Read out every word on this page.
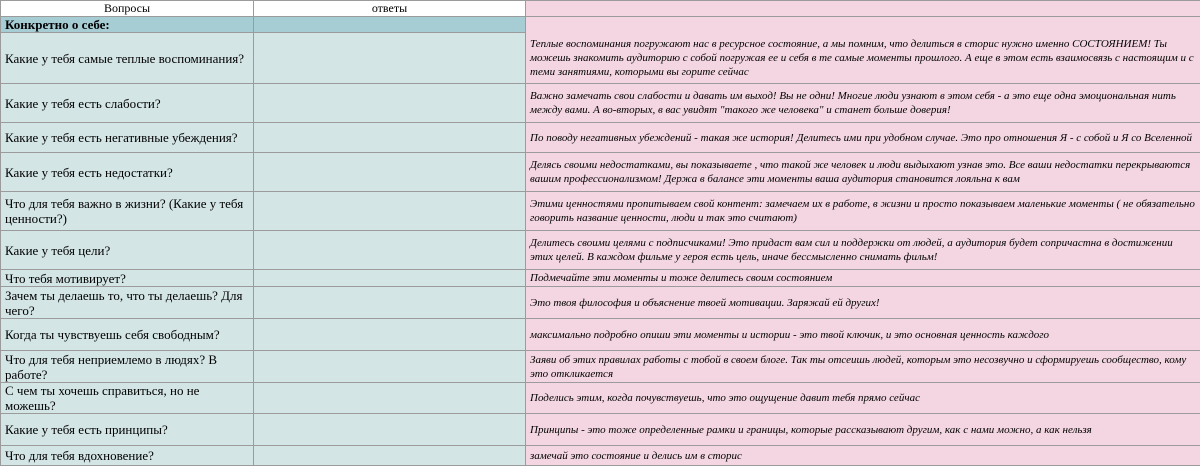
Вопросы	ответы	
Конкретно о себе:		
Какие у тебя самые теплые воспоминания?		Теплые воспоминания погружают нас в ресурсное состояние, а мы помним, что делиться в сторис нужно именно СОСТОЯНИЕМ! Ты можешь знакомить аудиторию с собой погружая ее и себя в те самые моменты прошлого. А еще в этом есть взаимосвязь с настоящим и с теми занятиями, которыми вы горите сейчас
Какие у тебя есть слабости?		Важно замечать свои слабости и давать им выход! Вы не одни! Многие люди узнают в этом себя - а это еще одна эмоциональная нить между вами. А во-вторых, в вас увидят "такого же человека" и станет больше доверия!
Какие у тебя есть негативные убеждения?		По поводу негативных убеждений - такая же история! Делитесь ими при удобном случае. Это про отношения Я - с собой и Я со Вселенной
Какие у тебя есть недостатки?		Делясь своими недостатками, вы показываете , что такой же человек и люди выдыхают узнав это. Все ваши недостатки перекрываются вашим профессионализмом! Держа в балансе эти моменты ваша аудитория становится лояльна к вам
Что для тебя важно в жизни? (Какие у тебя ценности?)		Этими ценностями пропитываем свой контент: замечаем их в работе, в жизни и просто показываем маленькие моменты ( не обязательно говорить название ценности, люди и так это считают)
Какие у тебя цели?		Делитесь своими целями с подписчиками! Это придаст вам сил и поддержки от людей, а аудитория будет сопричастна в достижении этих целей. В каждом фильме у героя есть цель, иначе бессмысленно снимать фильм!
Что тебя мотивирует?		Подмечайте эти моменты и тоже делитесь своим состоянием
Зачем ты делаешь то, что ты делаешь? Для чего?		Это твоя философия и объяснение твоей мотивации. Заряжай ей других!
Когда ты чувствуешь себя свободным?		максимально подробно опиши эти моменты и истории - это твой ключик, и это основная ценность каждого
Что для тебя неприемлемо в людях? В работе?		Заяви об этих правилах работы с тобой в своем блоге. Так ты отсеишь людей, которым это несозвучно и сформируешь сообщество, кому это откликается
С чем ты хочешь справиться, но не можешь?		Поделись этим, когда почувствуешь, что это ощущение давит тебя прямо сейчас
Какие у тебя есть принципы?		Принципы - это тоже определенные рамки и границы, которые рассказывают другим, как с нами можно, а как нельзя
Что для тебя вдохновение?		замечай это состояние и делись им в сторис
